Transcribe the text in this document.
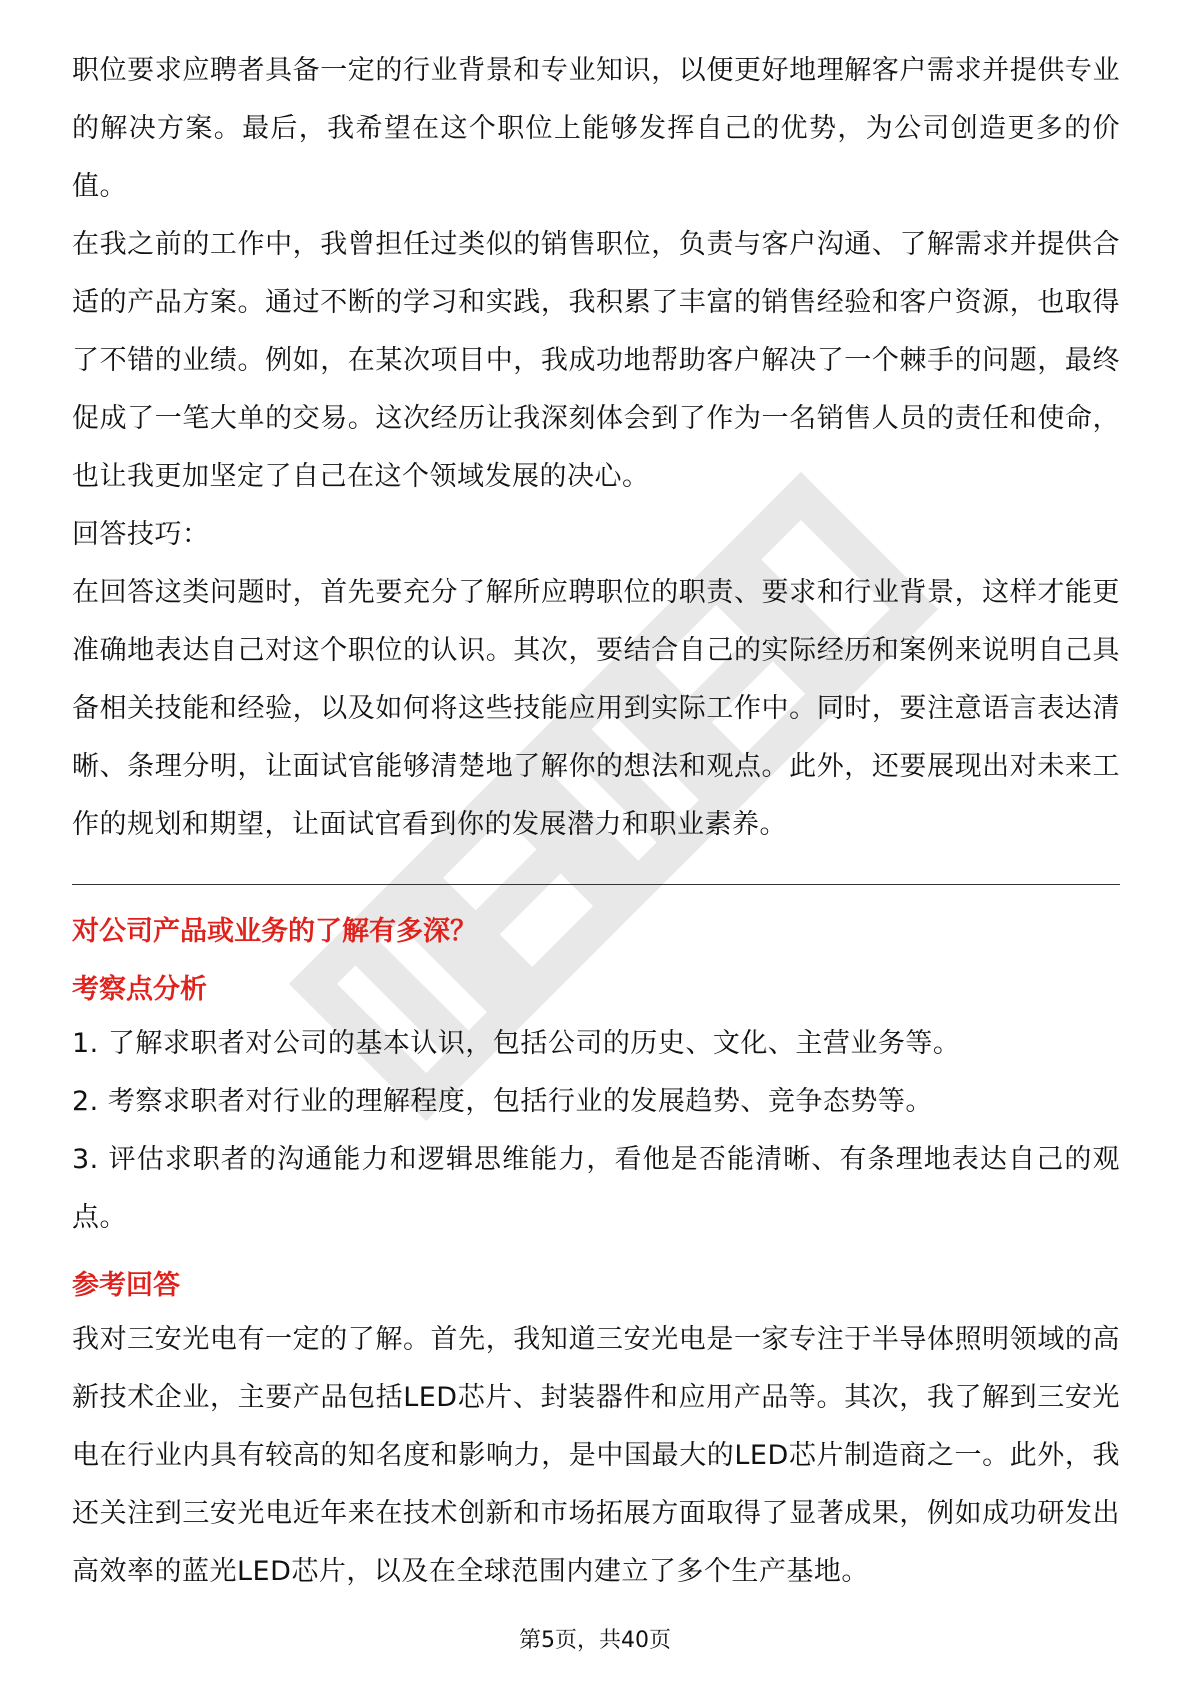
职位要求应聘者具备一定的行业背景和专业知识，以便更好地理解客户需求并提供专业的解决方案。最后，我希望在这个职位上能够发挥自己的优势，为公司创造更多的价值。

在我之前的工作中，我曾担任过类似的销售职位，负责与客户沟通、了解需求并提供合适的产品方案。通过不断的学习和实践，我积累了丰富的销售经验和客户资源，也取得了不错的业绩。例如，在某次项目中，我成功地帮助客户解决了一个棘手的问题，最终促成了一笔大单的交易。这次经历让我深刻体会到了作为一名销售人员的责任和使命，也让我更加坚定了自己在这个领域发展的决心。

回答技巧：

在回答这类问题时，首先要充分了解所应聘职位的职责、要求和行业背景，这样才能更准确地表达自己对这个职位的认识。其次，要结合自己的实际经历和案例来说明自己具备相关技能和经验，以及如何将这些技能应用到实际工作中。同时，要注意语言表达清晰、条理分明，让面试官能够清楚地了解你的想法和观点。此外，还要展现出对未来工作的规划和期望，让面试官看到你的发展潜力和职业素养。

对公司产品或业务的了解有多深？

考察点分析

1. 了解求职者对公司的基本认识，包括公司的历史、文化、主营业务等。

2. 考察求职者对行业的理解程度，包括行业的发展趋势、竞争态势等。

3. 评估求职者的沟通能力和逻辑思维能力，看他是否能清晰、有条理地表达自己的观点。

参考回答

我对三安光电有一定的了解。首先，我知道三安光电是一家专注于半导体照明领域的高新技术企业，主要产品包括LED芯片、封装器件和应用产品等。其次，我了解到三安光电在行业内具有较高的知名度和影响力，是中国最大的LED芯片制造商之一。此外，我还关注到三安光电近年来在技术创新和市场拓展方面取得了显著成果，例如成功研发出高效率的蓝光LED芯片，以及在全球范围内建立了多个生产基地。

第5页，共40页
